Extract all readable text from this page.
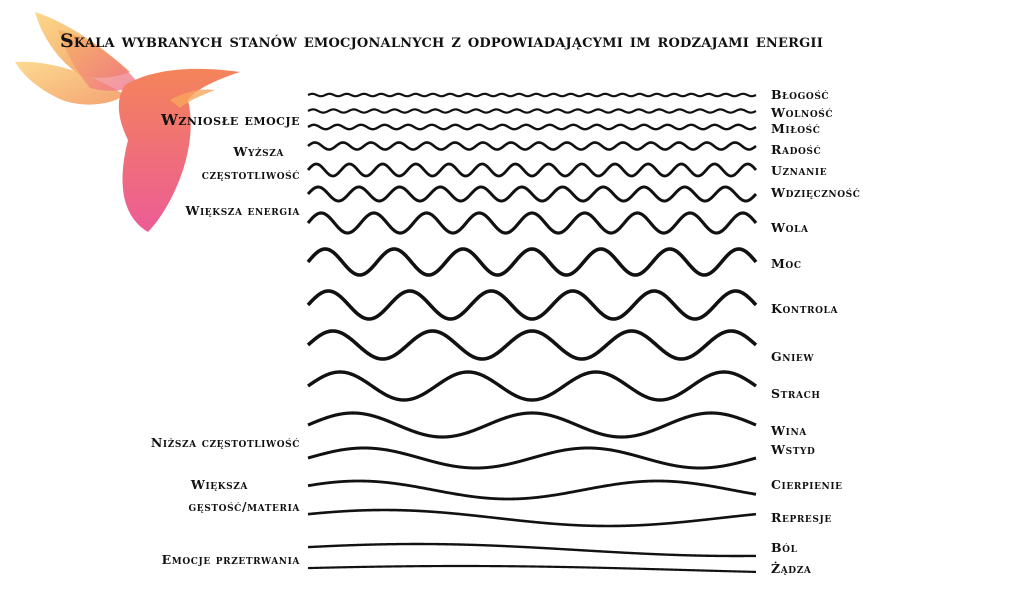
Skala wybranych stanów emocjonalnych z odpowiadającymi im rodzajami energii
Wzniosłe emocje
Wyższa
częstotliwość
Większa energia
Niższa częstotliwość
Większa
gęstość/materia
Emocje przetrwania
Błogość
Wolność
Miłość
Radość
Uznanie
Wdzięczność
Wola
Moc
Kontrola
Gniew
Strach
Wina
Wstyd
Cierpienie
Represje
Ból
Żądza
